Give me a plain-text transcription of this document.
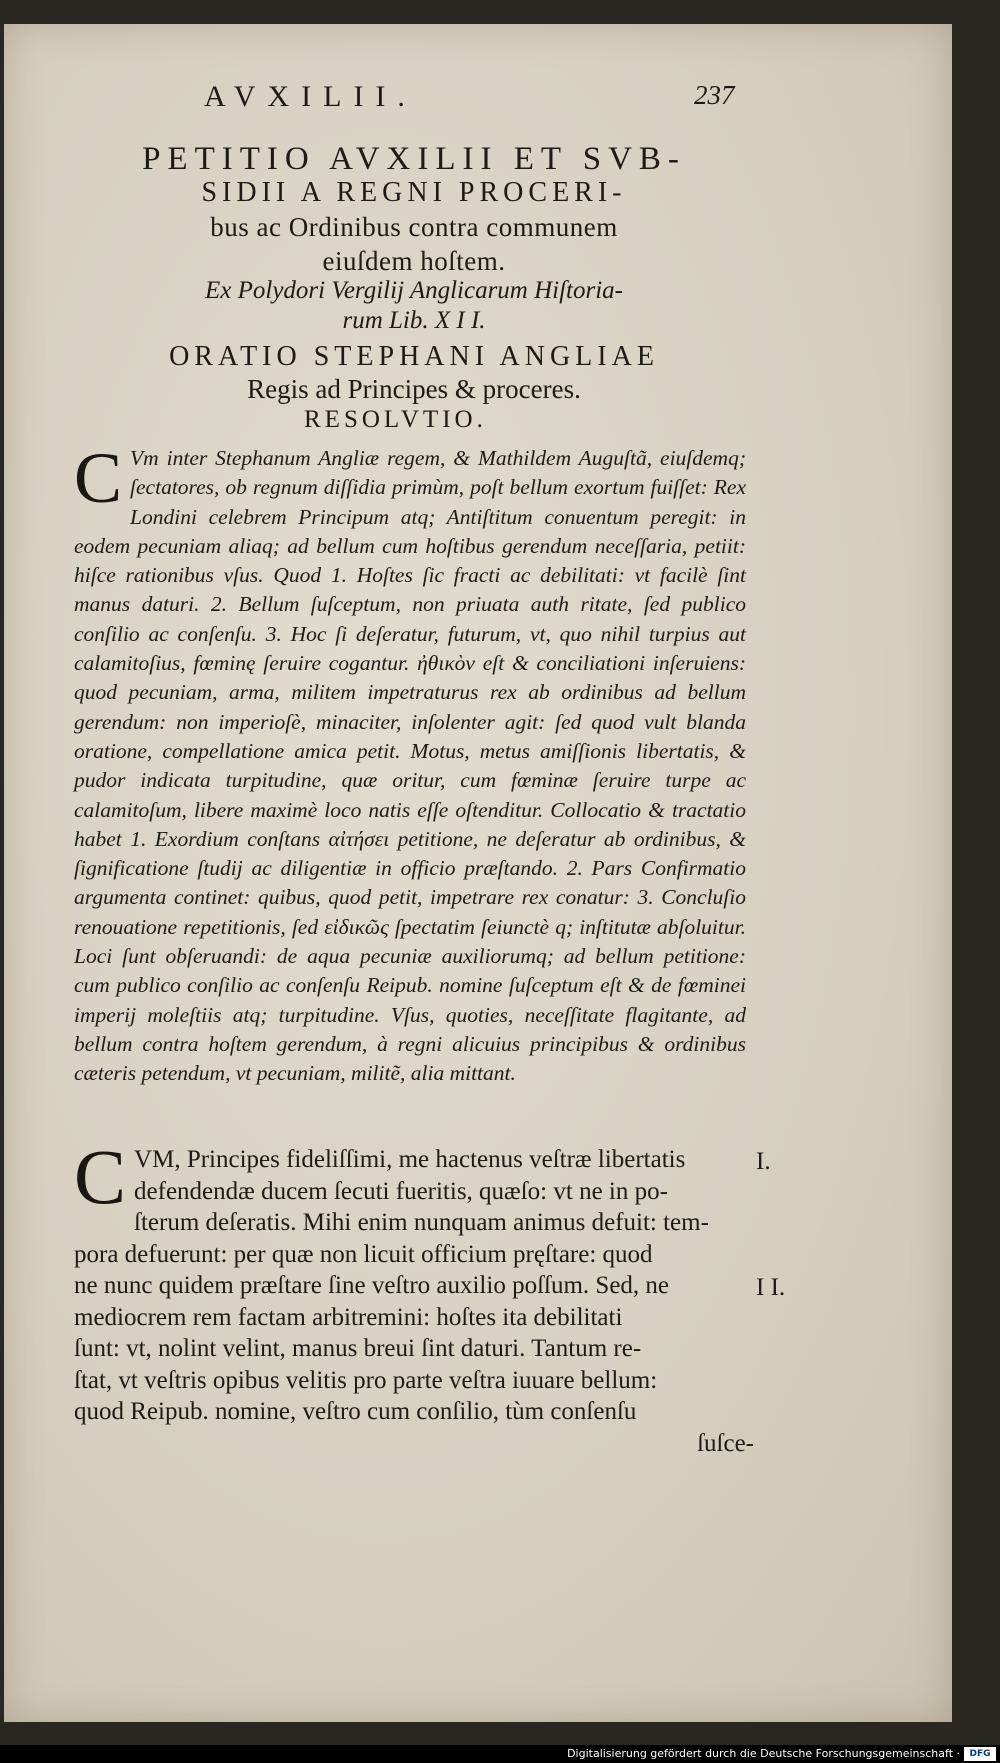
AVXILII.	237
PETITIO AVXILII ET SVB-
SIDII A REGNI PROCERI-
bus ac Ordinibus contra communem
eiuſdem hoſtem.
Ex Polydori Vergilij Anglicarum Hiſtoria-
rum Lib. X I I.
ORATIO STEPHANI ANGLIAE
Regis ad Principes & proceres.
RESOLVTIO.
C Vm inter Stephanum Angliæ regem, & Mathildem Auguſtã, eiuſdemq; ſectatores, ob regnum diſſidia primùm, poſt bellum exortum fuiſſet: Rex Londini celebrem Principum atq; Antiſtitum conuentum peregit: in eodem pecuniam aliaq; ad bellum cum hoſtibus gerendum neceſſaria, petiit: hiſce rationibus vſus. Quod 1. Hoſtes ſic fracti ac debilitati: vt facilè ſint manus daturi. 2. Bellum ſuſceptum, non priuata auth ritate, ſed publico conſilio ac conſenſu. 3. Hoc ſi deſeratur, futurum, vt, quo nihil turpius aut calamitoſius, fœminę ſeruire cogantur. ἠθικὸν eſt & conciliationi inſeruiens: quod pecuniam, arma, militem impetraturus rex ab ordinibus ad bellum gerendum: non imperioſè, minaciter, inſolenter agit: ſed quod vult blanda oratione, compellatione amica petit. Motus, metus amiſſionis libertatis, & pudor indicata turpitudine, quæ oritur, cum fœminæ ſeruire turpe ac calamitoſum, libere maximè loco natis eſſe oſtenditur. Collocatio & tractatio habet 1. Exordium conſtans αἰτήσει petitione, ne deſeratur ab ordinibus, & ſignificatione ſtudij ac diligentiæ in officio præſtando. 2. Pars Confirmatio argumenta continet: quibus, quod petit, impetrare rex conatur: 3. Concluſio renouatione repetitionis, ſed εἰδικῶς ſpectatim ſeiunctè q; inſtitutæ abſoluitur. Loci ſunt obſeruandi: de aqua pecuniæ auxiliorumq; ad bellum petitione: cum publico conſilio ac conſenſu Reipub. nomine ſuſceptum eſt & de fœminei imperij moleſtiis atq; turpitudine. Vſus, quoties, neceſſitate flagitante, ad bellum contra hoſtem gerendum, à regni alicuius principibus & ordinibus cæteris petendum, vt pecuniam, militẽ, alia mittant.
C VM, Principes fideliſſimi, me hactenus veſtræ libertatis
defendendæ ducem ſecuti fueritis, quæſo: vt ne in po-
ſterum deſeratis. Mihi enim nunquam animus defuit: tem-
pora defuerunt: per quæ non licuit officium pręſtare: quod
ne nunc quidem præſtare ſine veſtro auxilio poſſum. Sed, ne
mediocrem rem factam arbitremini: hoſtes ita debilitati
ſunt: vt, nolint velint, manus breui ſint daturi. Tantum re-
ſtat, vt veſtris opibus velitis pro parte veſtra iuuare bellum:
quod Reipub. nomine, veſtro cum conſilio, tùm conſenſu
ſuſce-
I.
I I.
Digitalisierung gefördert durch die Deutsche Forschungsgemeinschaft ·	DFG
